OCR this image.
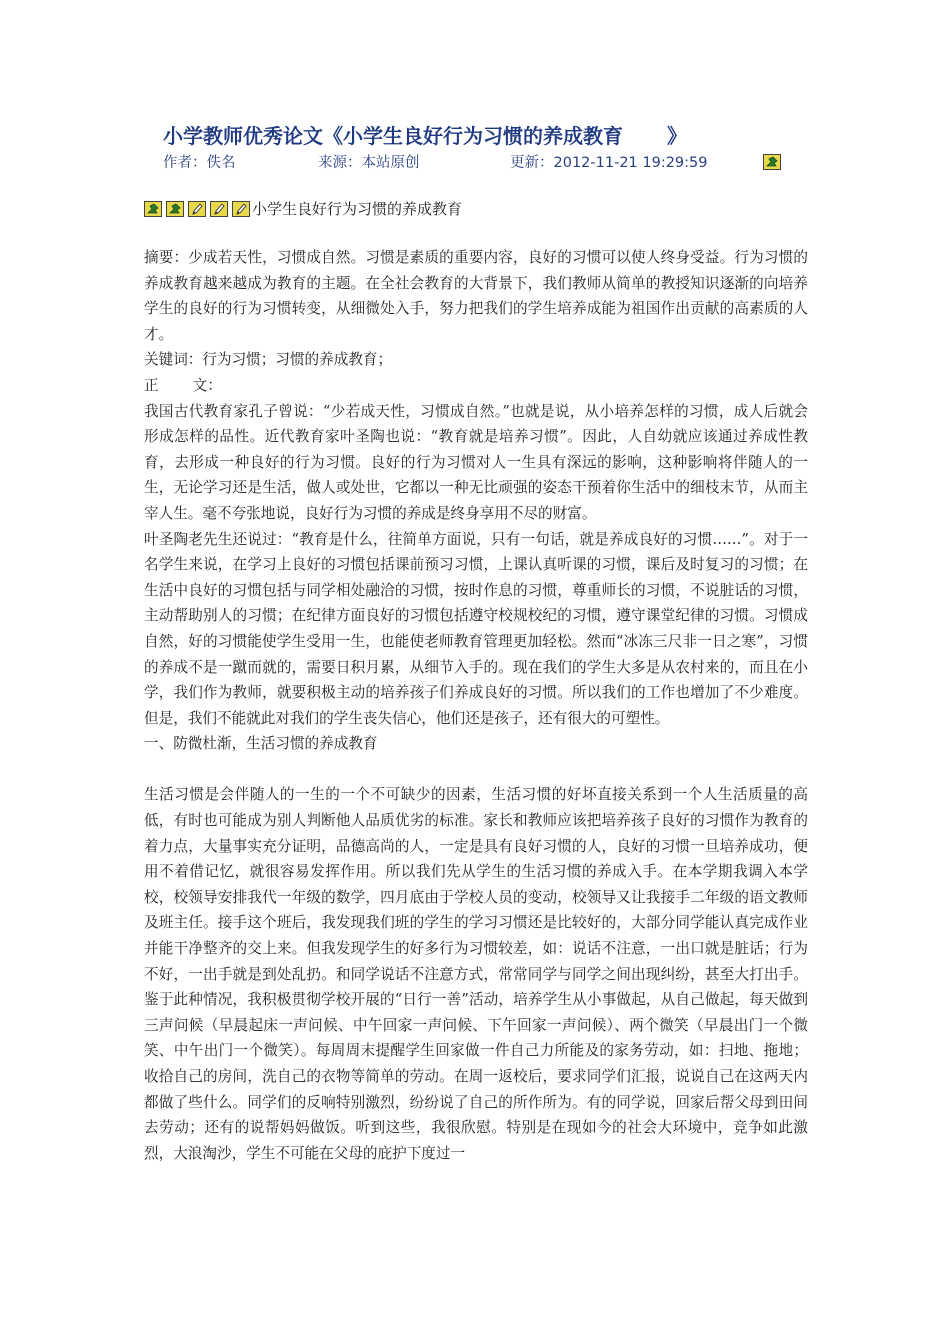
小学教师优秀论文《小学生良好行为习惯的养成教育 》
作者：佚名	来源：本站原创	更新：2012-11-21 19:29:59
小学生良好行为习惯的养成教育

摘要：少成若天性，习惯成自然。习惯是素质的重要内容，良好的习惯可以使人终身受益。行为习惯的养成教育越来越成为教育的主题。在全社会教育的大背景下，我们教师从简单的教授知识逐渐的向培养学生的良好的行为习惯转变，从细微处入手，努力把我们的学生培养成能为祖国作出贡献的高素质的人才。

关键词：行为习惯；习惯的养成教育；

正 文：

我国古代教育家孔子曾说：“少若成天性，习惯成自然。”也就是说，从小培养怎样的习惯，成人后就会形成怎样的品性。近代教育家叶圣陶也说：“教育就是培养习惯”。因此，人自幼就应该通过养成性教育，去形成一种良好的行为习惯。良好的行为习惯对人一生具有深远的影响，这种影响将伴随人的一生，无论学习还是生活，做人或处世，它都以一种无比顽强的姿态干预着你生活中的细枝末节，从而主宰人生。毫不夸张地说，良好行为习惯的养成是终身享用不尽的财富。

叶圣陶老先生还说过：“教育是什么，往简单方面说，只有一句话，就是养成良好的习惯……”。对于一名学生来说，在学习上良好的习惯包括课前预习习惯，上课认真听课的习惯，课后及时复习的习惯；在生活中良好的习惯包括与同学相处融洽的习惯，按时作息的习惯，尊重师长的习惯，不说脏话的习惯，主动帮助别人的习惯；在纪律方面良好的习惯包括遵守校规校纪的习惯，遵守课堂纪律的习惯。习惯成自然，好的习惯能使学生受用一生，也能使老师教育管理更加轻松。然而“冰冻三尺非一日之寒”，习惯的养成不是一蹴而就的，需要日积月累，从细节入手的。现在我们的学生大多是从农村来的，而且在小学，我们作为教师，就要积极主动的培养孩子们养成良好的习惯。所以我们的工作也增加了不少难度。但是，我们不能就此对我们的学生丧失信心，他们还是孩子，还有很大的可塑性。

一、防微杜渐，生活习惯的养成教育

生活习惯是会伴随人的一生的一个不可缺少的因素，生活习惯的好坏直接关系到一个人生活质量的高低，有时也可能成为别人判断他人品质优劣的标准。家长和教师应该把培养孩子良好的习惯作为教育的着力点，大量事实充分证明，品德高尚的人，一定是具有良好习惯的人，良好的习惯一旦培养成功，便用不着借记忆，就很容易发挥作用。所以我们先从学生的生活习惯的养成入手。在本学期我调入本学校，校领导安排我代一年级的数学，四月底由于学校人员的变动，校领导又让我接手二年级的语文教师及班主任。接手这个班后，我发现我们班的学生的学习习惯还是比较好的，大部分同学能认真完成作业并能干净整齐的交上来。但我发现学生的好多行为习惯较差，如：说话不注意，一出口就是脏话；行为不好，一出手就是到处乱扔。和同学说话不注意方式，常常同学与同学之间出现纠纷，甚至大打出手。鉴于此种情况，我积极贯彻学校开展的“日行一善”活动，培养学生从小事做起，从自己做起，每天做到三声问候（早晨起床一声问候、中午回家一声问候、下午回家一声问候）、两个微笑（早晨出门一个微笑、中午出门一个微笑）。每周周末提醒学生回家做一件自己力所能及的家务劳动，如：扫地、拖地；收拾自己的房间，洗自己的衣物等简单的劳动。在周一返校后，要求同学们汇报，说说自己在这两天内都做了些什么。同学们的反响特别激烈，纷纷说了自己的所作所为。有的同学说，回家后帮父母到田间去劳动；还有的说帮妈妈做饭。听到这些，我很欣慰。特别是在现如今的社会大环境中，竞争如此激烈，大浪淘沙，学生不可能在父母的庇护下度过一
